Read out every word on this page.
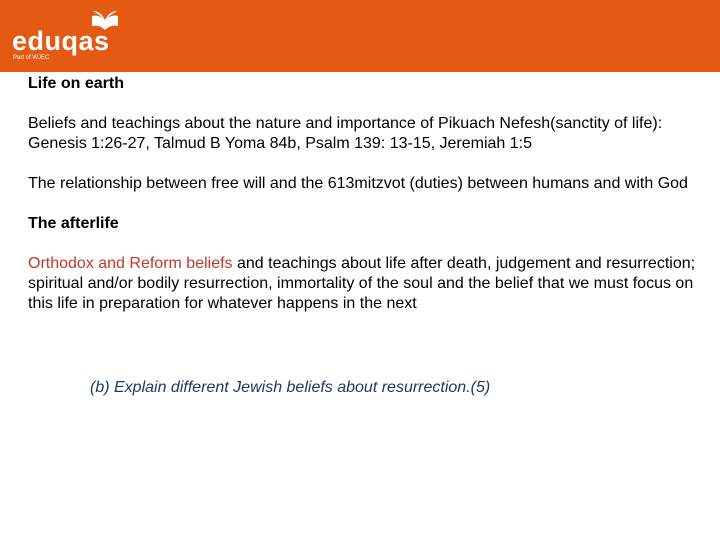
eduqas
Part of WJEC

Life on earth

Beliefs and teachings about the nature and importance of Pikuach Nefesh(sanctity of life): Genesis 1:26-27, Talmud B Yoma 84b, Psalm 139: 13-15, Jeremiah 1:5

The relationship between free will and the 613mitzvot (duties) between humans and with God

The afterlife

Orthodox and Reform beliefs and teachings about life after death, judgement and resurrection; spiritual and/or bodily resurrection, immortality of the soul and the belief that we must focus on this life in preparation for whatever happens in the next

(b) Explain different Jewish beliefs about resurrection.(5)
